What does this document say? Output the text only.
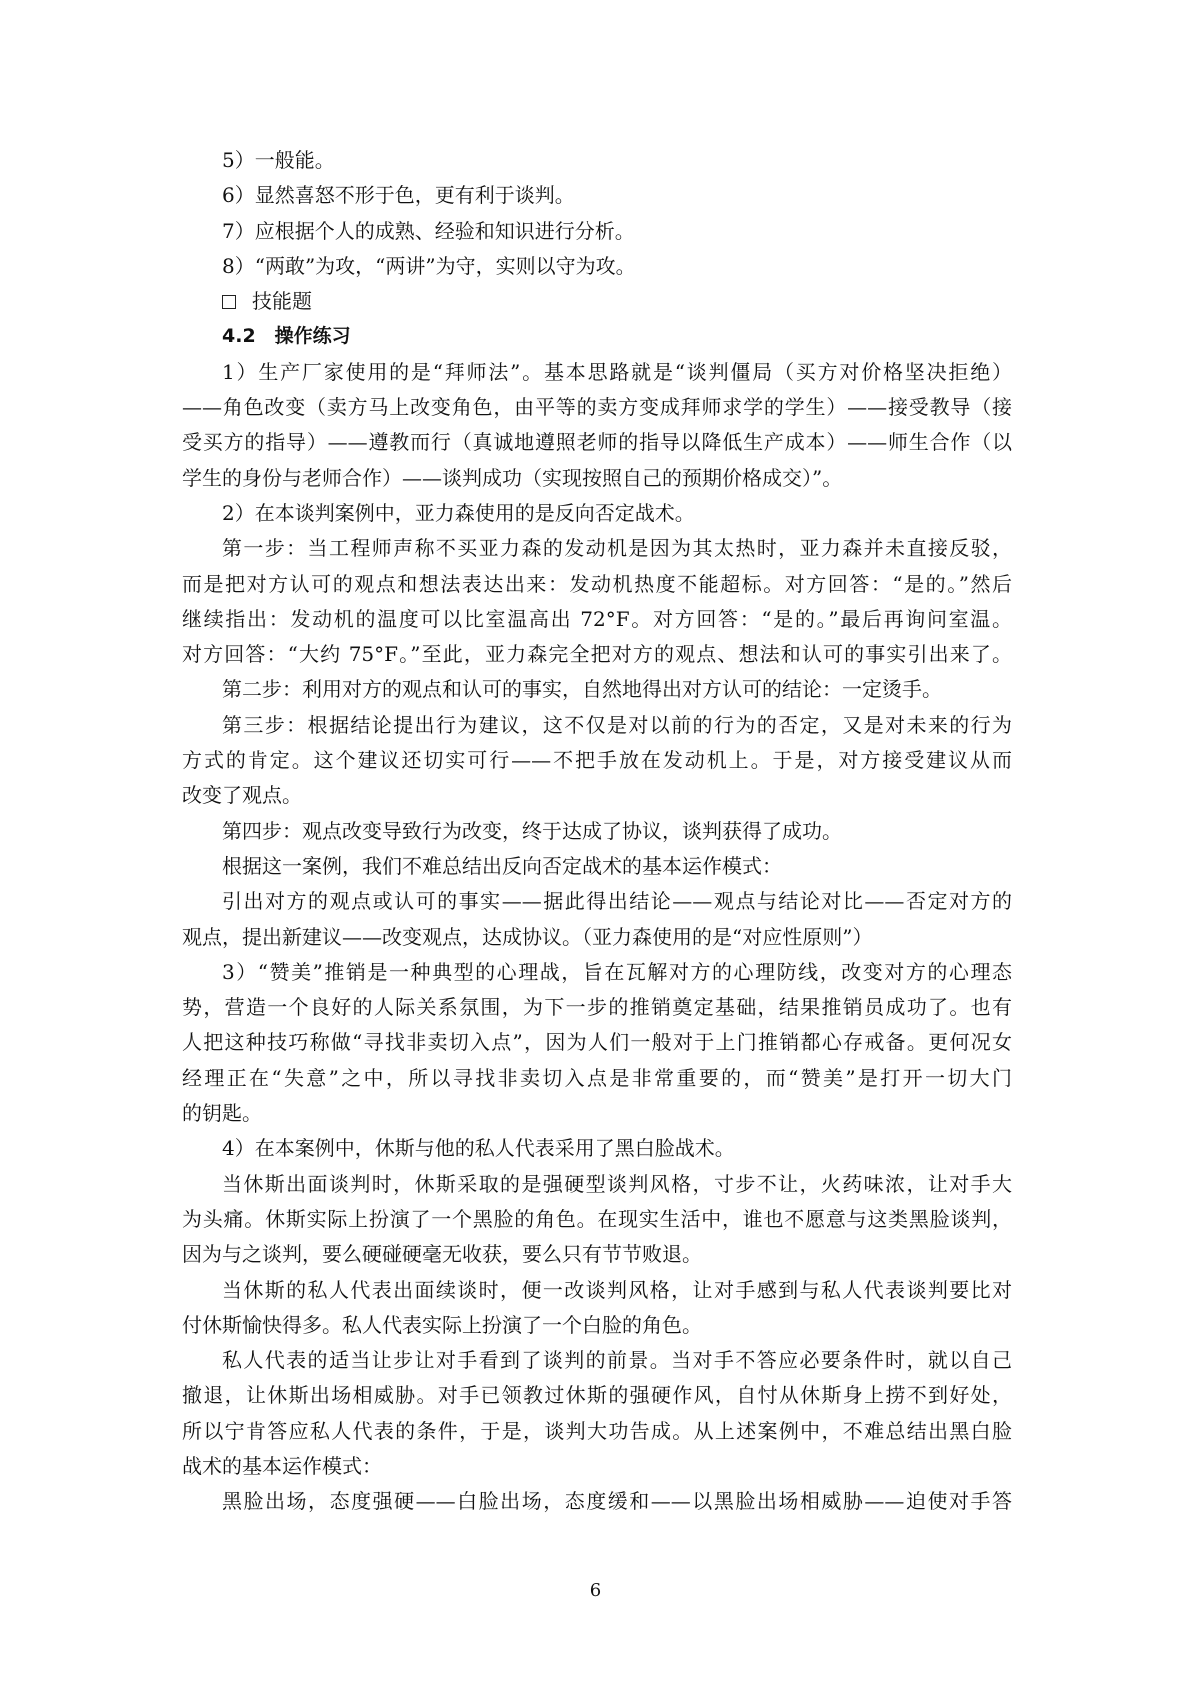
5）一般能。
6）显然喜怒不形于色，更有利于谈判。
7）应根据个人的成熟、经验和知识进行分析。
8）“两敢”为攻，“两讲”为守，实则以守为攻。
技能题
4.2　操作练习
1）生产厂家使用的是“拜师法”。基本思路就是“谈判僵局（买方对价格坚决拒绝）
——角色改变（卖方马上改变角色，由平等的卖方变成拜师求学的学生）——接受教导（接
受买方的指导）——遵教而行（真诚地遵照老师的指导以降低生产成本）——师生合作（以
学生的身份与老师合作）——谈判成功（实现按照自己的预期价格成交）”。
2）在本谈判案例中，亚力森使用的是反向否定战术。
第一步：当工程师声称不买亚力森的发动机是因为其太热时，亚力森并未直接反驳，
而是把对方认可的观点和想法表达出来：发动机热度不能超标。对方回答：“是的。”然后
继续指出：发动机的温度可以比室温高出 72°F。对方回答：“是的。”最后再询问室温。
对方回答：“大约 75°F。”至此，亚力森完全把对方的观点、想法和认可的事实引出来了。
第二步：利用对方的观点和认可的事实，自然地得出对方认可的结论：一定烫手。
第三步：根据结论提出行为建议，这不仅是对以前的行为的否定，又是对未来的行为
方式的肯定。这个建议还切实可行——不把手放在发动机上。于是，对方接受建议从而
改变了观点。
第四步：观点改变导致行为改变，终于达成了协议，谈判获得了成功。
根据这一案例，我们不难总结出反向否定战术的基本运作模式：
引出对方的观点或认可的事实——据此得出结论——观点与结论对比——否定对方的
观点，提出新建议——改变观点，达成协议。（亚力森使用的是“对应性原则”）
3）“赞美”推销是一种典型的心理战，旨在瓦解对方的心理防线，改变对方的心理态
势，营造一个良好的人际关系氛围，为下一步的推销奠定基础，结果推销员成功了。也有
人把这种技巧称做“寻找非卖切入点”，因为人们一般对于上门推销都心存戒备。更何况女
经理正在“失意”之中，所以寻找非卖切入点是非常重要的，而“赞美”是打开一切大门
的钥匙。
4）在本案例中，休斯与他的私人代表采用了黑白脸战术。
当休斯出面谈判时，休斯采取的是强硬型谈判风格，寸步不让，火药味浓，让对手大
为头痛。休斯实际上扮演了一个黑脸的角色。在现实生活中，谁也不愿意与这类黑脸谈判，
因为与之谈判，要么硬碰硬毫无收获，要么只有节节败退。
当休斯的私人代表出面续谈时，便一改谈判风格，让对手感到与私人代表谈判要比对
付休斯愉快得多。私人代表实际上扮演了一个白脸的角色。
私人代表的适当让步让对手看到了谈判的前景。当对手不答应必要条件时，就以自己
撤退，让休斯出场相威胁。对手已领教过休斯的强硬作风，自忖从休斯身上捞不到好处，
所以宁肯答应私人代表的条件，于是，谈判大功告成。从上述案例中，不难总结出黑白脸
战术的基本运作模式：
黑脸出场，态度强硬——白脸出场，态度缓和——以黑脸出场相威胁——迫使对手答
6
